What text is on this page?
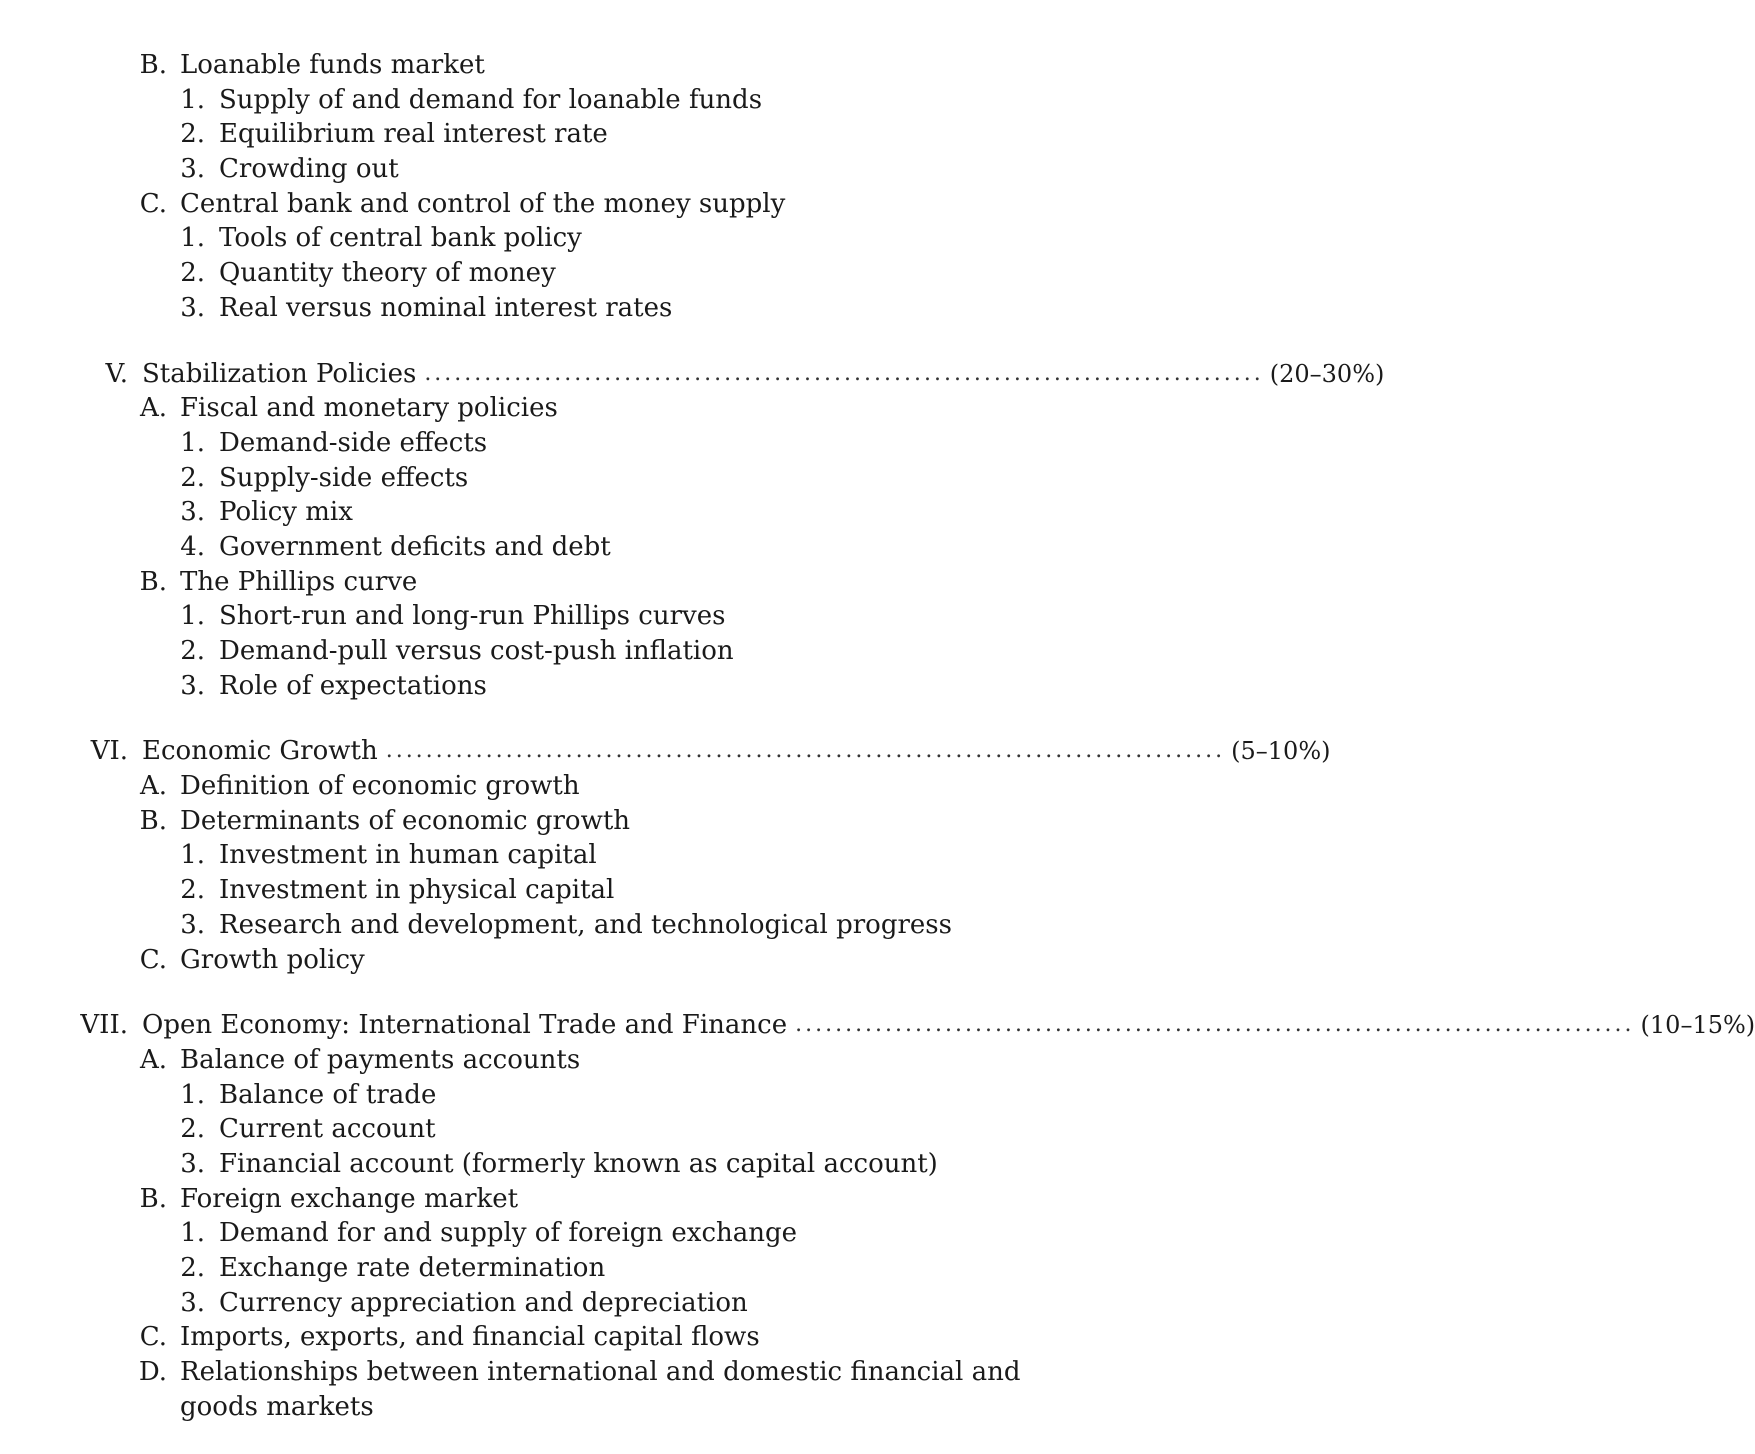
B. Loanable funds market
1. Supply of and demand for loanable funds
2. Equilibrium real interest rate
3. Crowding out
C. Central bank and control of the money supply
1. Tools of central bank policy
2. Quantity theory of money
3. Real versus nominal interest rates
V. Stabilization Policies .................................................................................... (20–30%)
A. Fiscal and monetary policies
1. Demand-side effects
2. Supply-side effects
3. Policy mix
4. Government deficits and debt
B. The Phillips curve
1. Short-run and long-run Phillips curves
2. Demand-pull versus cost-push inflation
3. Role of expectations
VI. Economic Growth .................................................................................... (5–10%)
A. Definition of economic growth
B. Determinants of economic growth
1. Investment in human capital
2. Investment in physical capital
3. Research and development, and technological progress
C. Growth policy
VII. Open Economy: International Trade and Finance .................................................................................... (10–15%)
A. Balance of payments accounts
1. Balance of trade
2. Current account
3. Financial account (formerly known as capital account)
B. Foreign exchange market
1. Demand for and supply of foreign exchange
2. Exchange rate determination
3. Currency appreciation and depreciation
C. Imports, exports, and financial capital flows
D. Relationships between international and domestic financial and
goods markets
